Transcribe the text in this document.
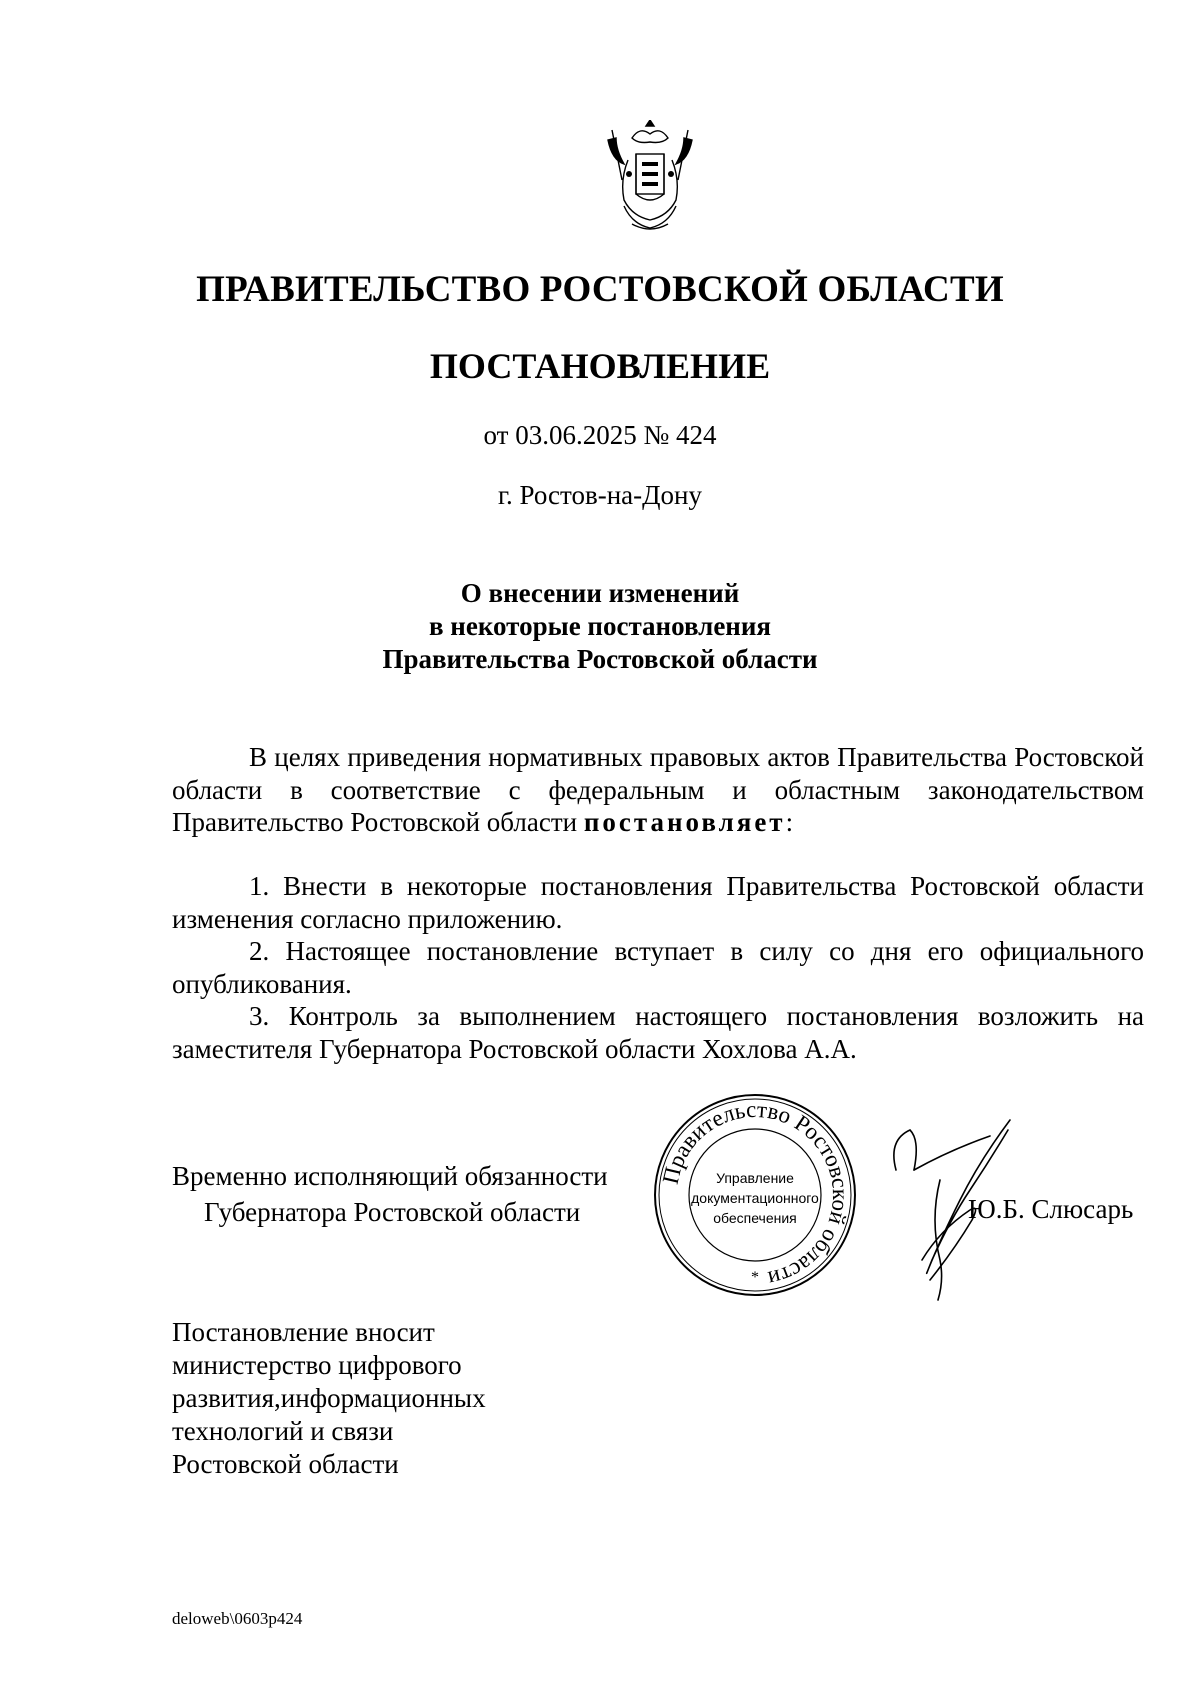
ПРАВИТЕЛЬСТВО РОСТОВСКОЙ ОБЛАСТИ
ПОСТАНОВЛЕНИЕ
от 03.06.2025 № 424
г. Ростов-на-Дону
О внесении изменений
в некоторые постановления
Правительства Ростовской области
В целях приведения нормативных правовых актов Правительства Ростовской области в соответствие с федеральным и областным законодательством Правительство Ростовской области постановляет:
1. Внести в некоторые постановления Правительства Ростовской области изменения согласно приложению.
2. Настоящее постановление вступает в силу со дня его официального опубликования.
3. Контроль за выполнением настоящего постановления возложить на заместителя Губернатора Ростовской области Хохлова А.А.
Временно исполняющий обязанности
Губернатора Ростовской области
Правительство Ростовской области
Управление
документационного
обеспечения
*
Ю.Б. Слюсарь
Постановление вносит
министерство цифрового
развития,информационных
технологий и связи
Ростовской области
deloweb\0603p424
